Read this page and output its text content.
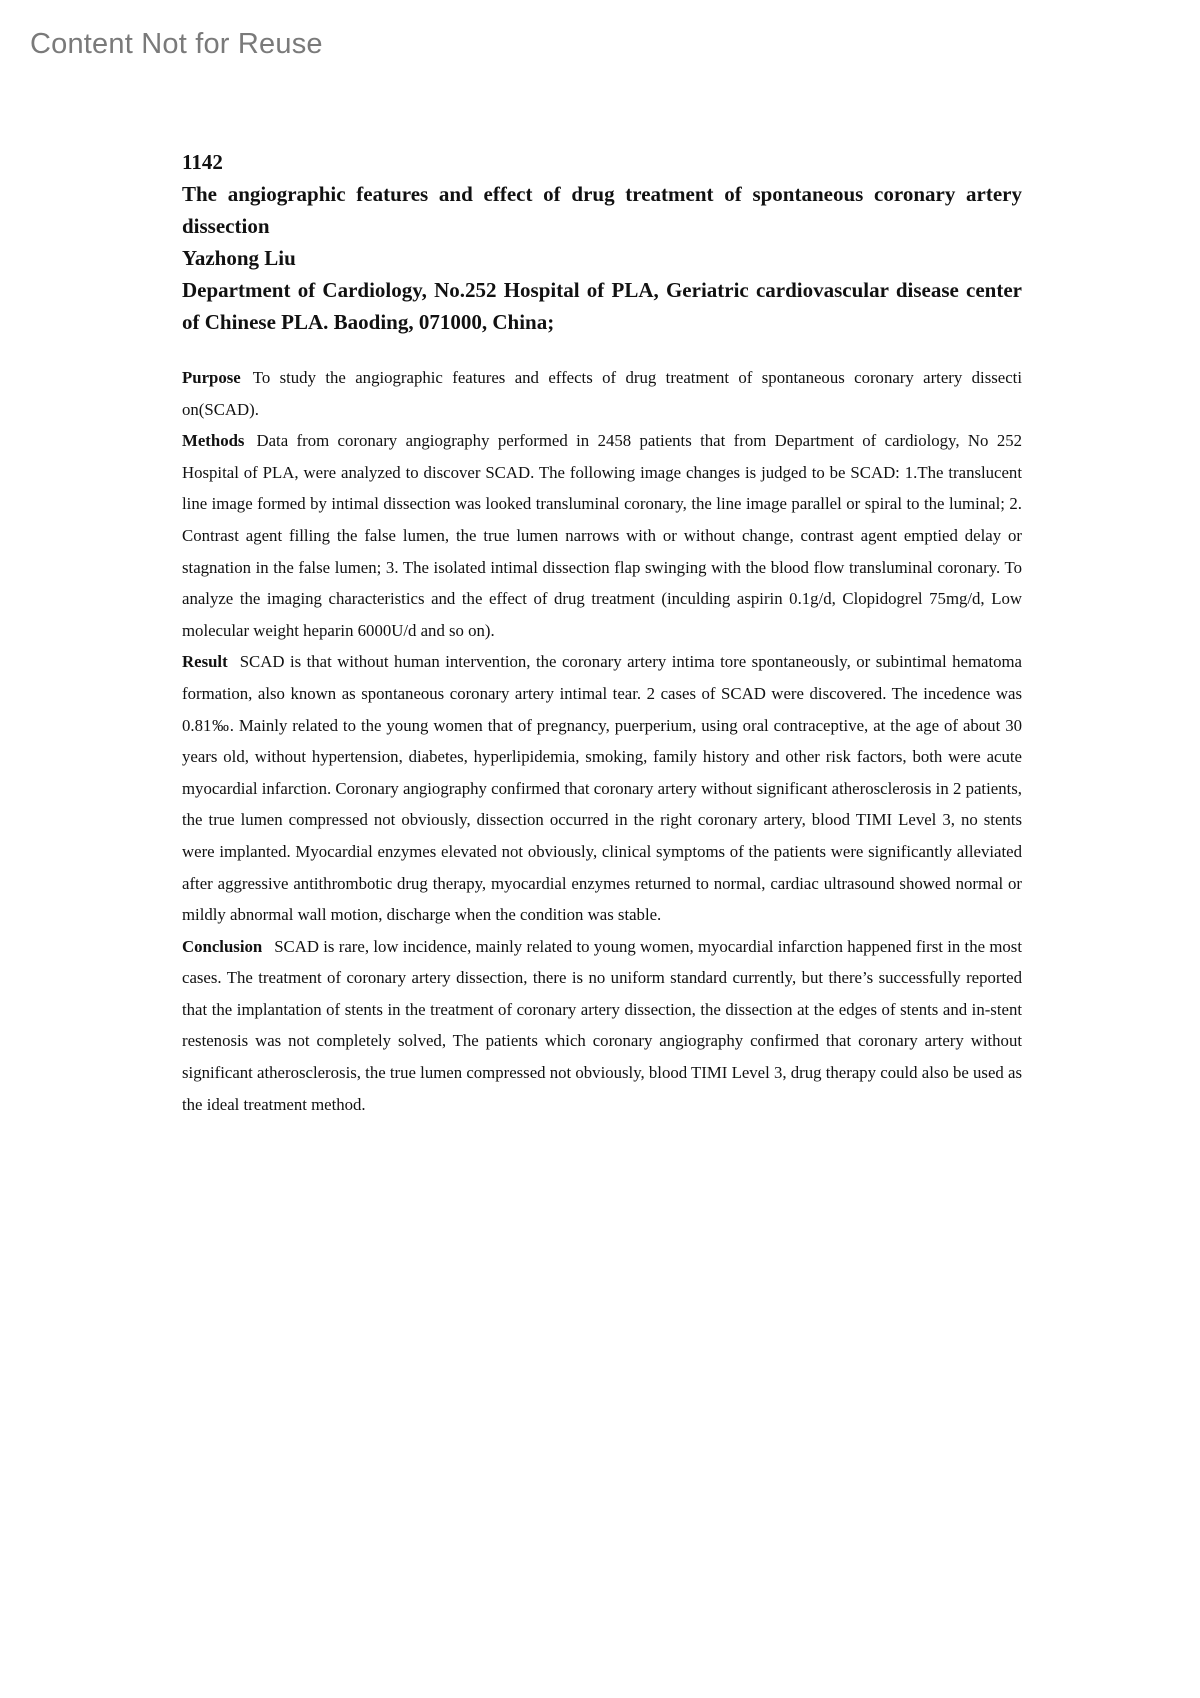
Content Not for Reuse
1142
The angiographic features and effect of drug treatment of spontaneous coronary artery dissection
Yazhong Liu
Department of Cardiology, No.252 Hospital of PLA, Geriatric cardiovascular disease center of Chinese PLA. Baoding, 071000, China;

Purpose To study the angiographic features and effects of drug treatment of spontaneous coronary artery dissecti on(SCAD).

Methods Data from coronary angiography performed in 2458 patients that from Department of cardiology, No 252 Hospital of PLA, were analyzed to discover SCAD. The following image changes is judged to be SCAD: 1.The translucent line image formed by intimal dissection was looked transluminal coronary, the line image parallel or spiral to the luminal; 2. Contrast agent filling the false lumen, the true lumen narrows with or without change, contrast agent emptied delay or stagnation in the false lumen; 3. The isolated intimal dissection flap swinging with the blood flow transluminal coronary. To analyze the imaging characteristics and the effect of drug treatment (inculding aspirin 0.1g/d, Clopidogrel 75mg/d, Low molecular weight heparin 6000U/d and so on).

Result SCAD is that without human intervention, the coronary artery intima tore spontaneously, or subintimal hematoma formation, also known as spontaneous coronary artery intimal tear. 2 cases of SCAD were discovered. The incedence was 0.81‰. Mainly related to the young women that of pregnancy, puerperium, using oral contraceptive, at the age of about 30 years old, without hypertension, diabetes, hyperlipidemia, smoking, family history and other risk factors, both were acute myocardial infarction. Coronary angiography confirmed that coronary artery without significant atherosclerosis in 2 patients, the true lumen compressed not obviously, dissection occurred in the right coronary artery, blood TIMI Level 3, no stents were implanted. Myocardial enzymes elevated not obviously, clinical symptoms of the patients were significantly alleviated after aggressive antithrombotic drug therapy, myocardial enzymes returned to normal, cardiac ultrasound showed normal or mildly abnormal wall motion, discharge when the condition was stable.

Conclusion SCAD is rare, low incidence, mainly related to young women, myocardial infarction happened first in the most cases. The treatment of coronary artery dissection, there is no uniform standard currently, but there’s successfully reported that the implantation of stents in the treatment of coronary artery dissection, the dissection at the edges of stents and in-stent restenosis was not completely solved, The patients which coronary angiography confirmed that coronary artery without significant atherosclerosis, the true lumen compressed not obviously, blood TIMI Level 3, drug therapy could also be used as the ideal treatment method.
